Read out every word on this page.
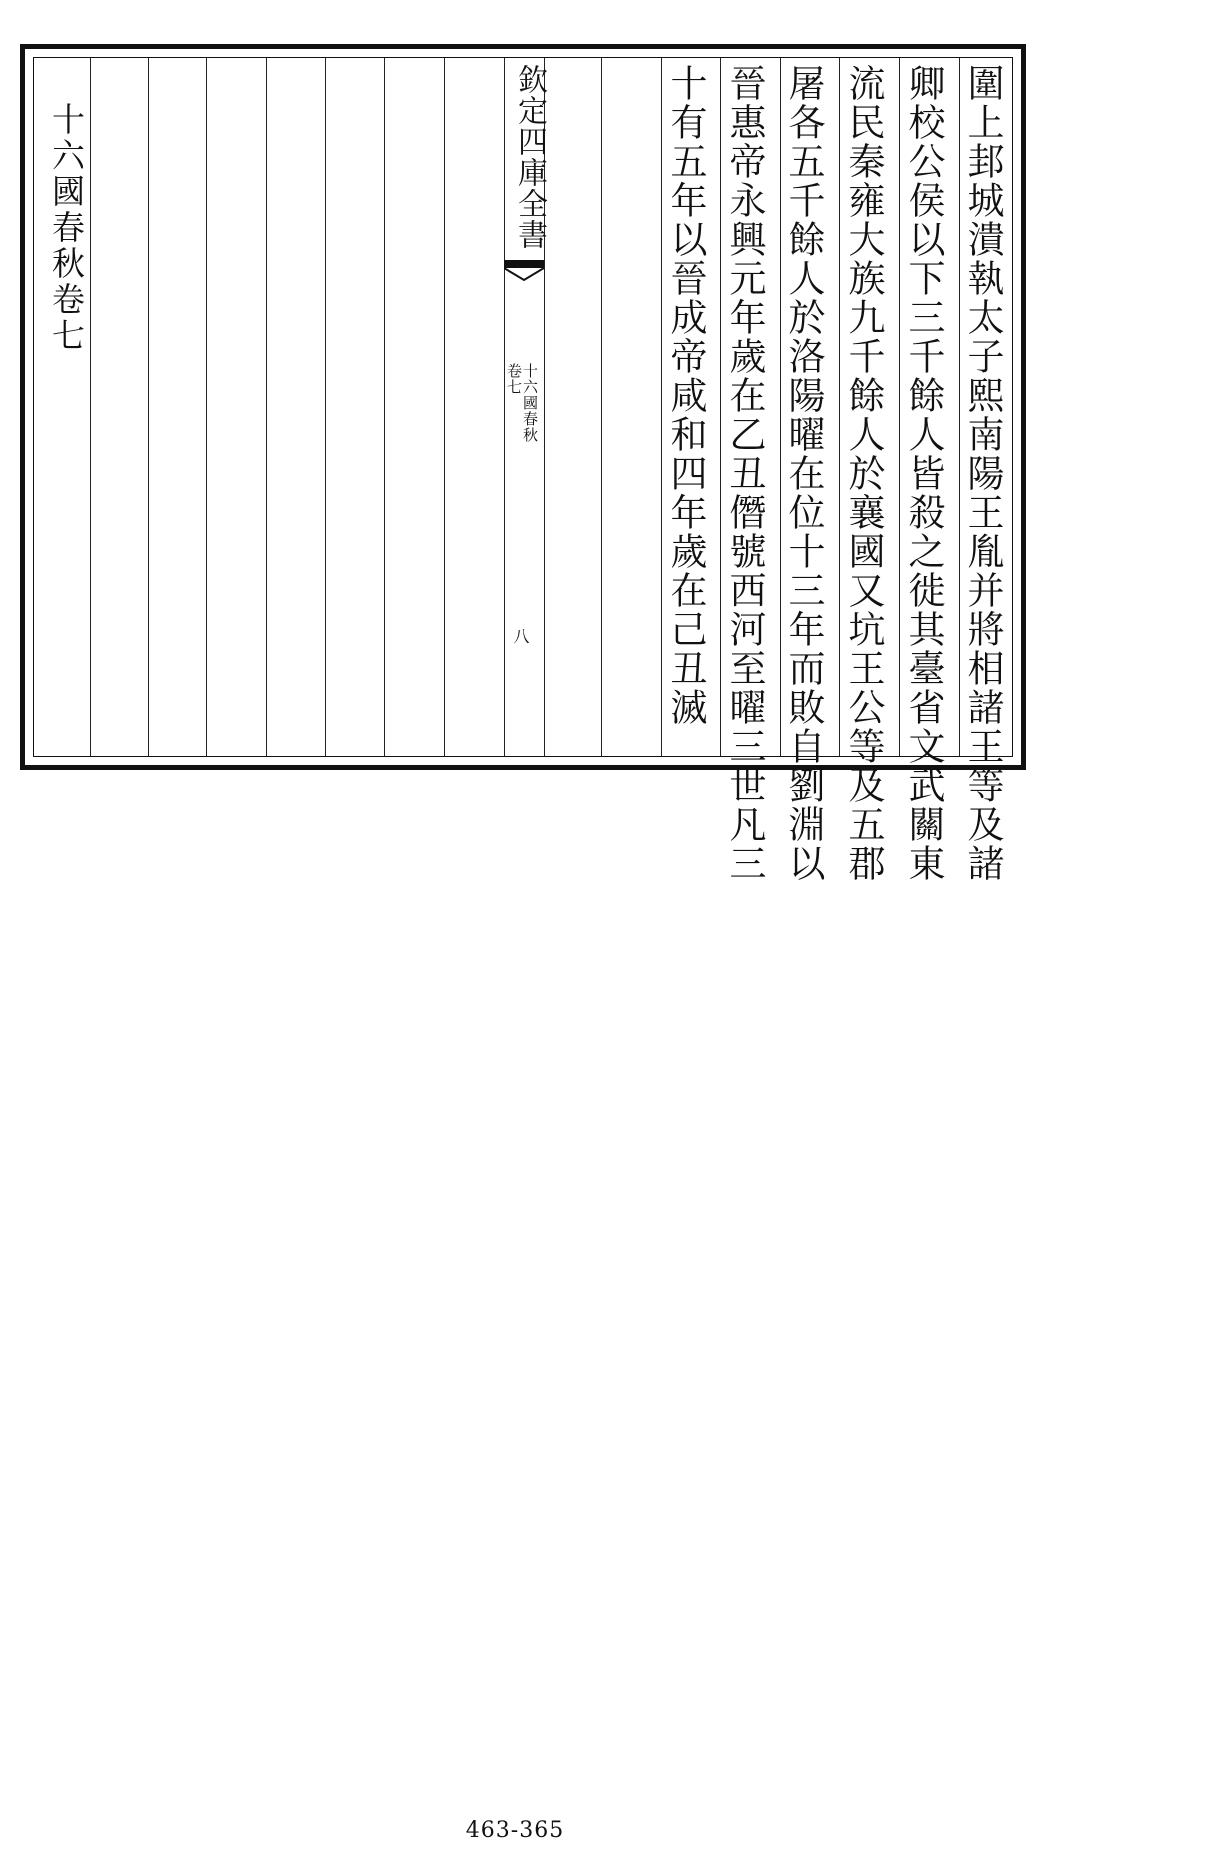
十六國春秋卷七	欽定四庫全書
十六國春秋
卷七
八	圍上邽城潰執太子熙南陽王胤并將相諸王等及諸
卿校公侯以下三千餘人皆殺之徙其臺省文武關東
流民秦雍大族九千餘人於襄國又坑王公等及五郡
屠各五千餘人於洛陽曜在位十三年而敗自劉淵以
晉惠帝永興元年歲在乙丑僭號西河至曜三世凡三
十有五年以晉成帝咸和四年歲在己丑滅
463-365
